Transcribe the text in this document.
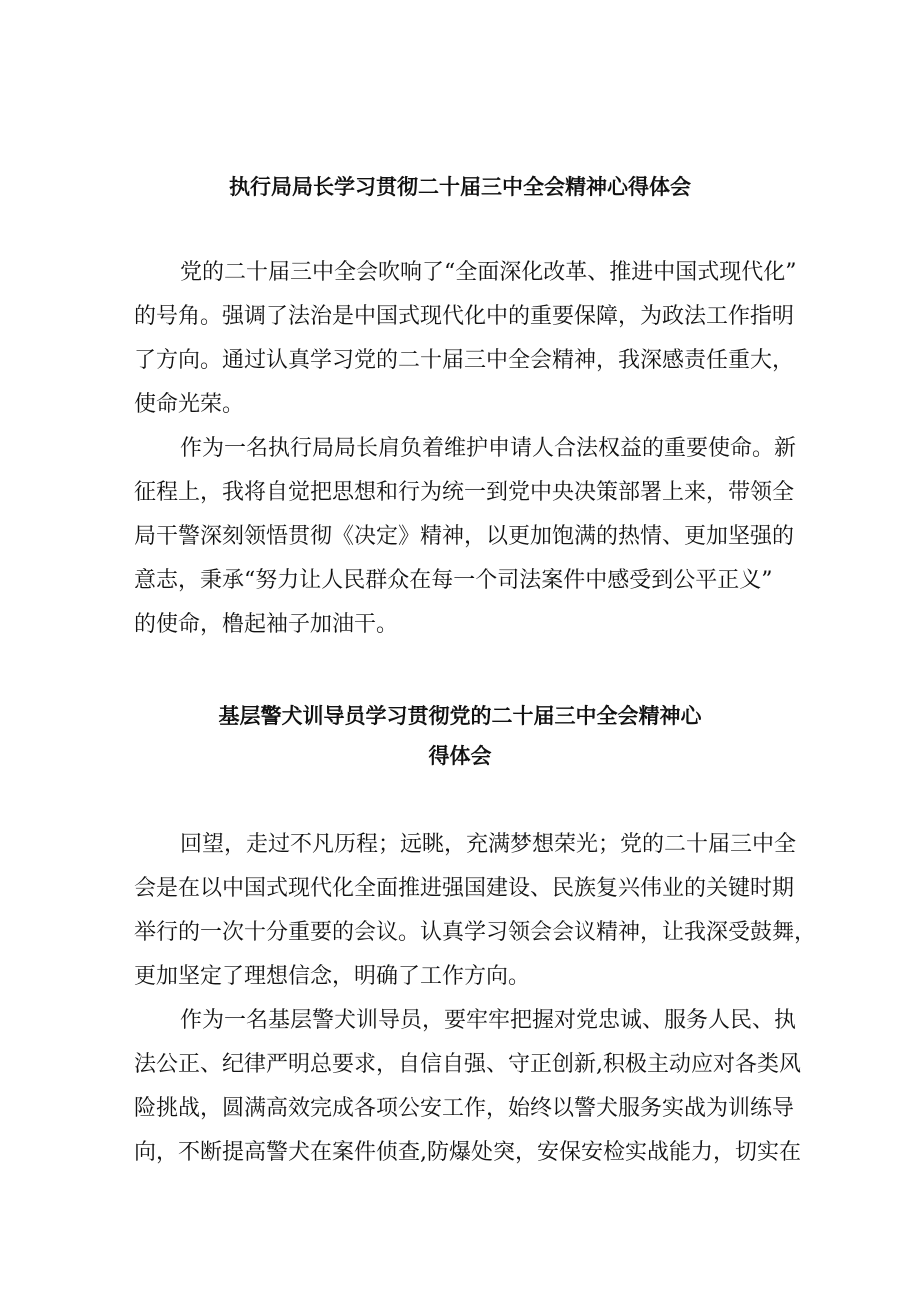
执行局局长学习贯彻二十届三中全会精神心得体会

党的二十届三中全会吹响了“全面深化改革、推进中国式现代化”

的号角。强调了法治是中国式现代化中的重要保障，为政法工作指明

了方向。通过认真学习党的二十届三中全会精神，我深感责任重大，

使命光荣。

作为一名执行局局长肩负着维护申请人合法权益的重要使命。新

征程上，我将自觉把思想和行为统一到党中央决策部署上来，带领全

局干警深刻领悟贯彻《决定》精神，以更加饱满的热情、更加坚强的

意志，秉承“努力让人民群众在每一个司法案件中感受到公平正义”

的使命，橹起袖子加油干。

基层警犬训导员学习贯彻党的二十届三中全会精神心
得体会

回望，走过不凡历程；远眺，充满梦想荣光；党的二十届三中全

会是在以中国式现代化全面推进强国建设、民族复兴伟业的关键时期

举行的一次十分重要的会议。认真学习领会会议精神，让我深受鼓舞，

更加坚定了理想信念，明确了工作方向。

作为一名基层警犬训导员，要牢牢把握对党忠诚、服务人民、执

法公正、纪律严明总要求，自信自强、守正创新,积极主动应对各类风

险挑战，圆满高效完成各项公安工作，始终以警犬服务实战为训练导

向，不断提高警犬在案件侦查,防爆处突，安保安检实战能力，切实在
